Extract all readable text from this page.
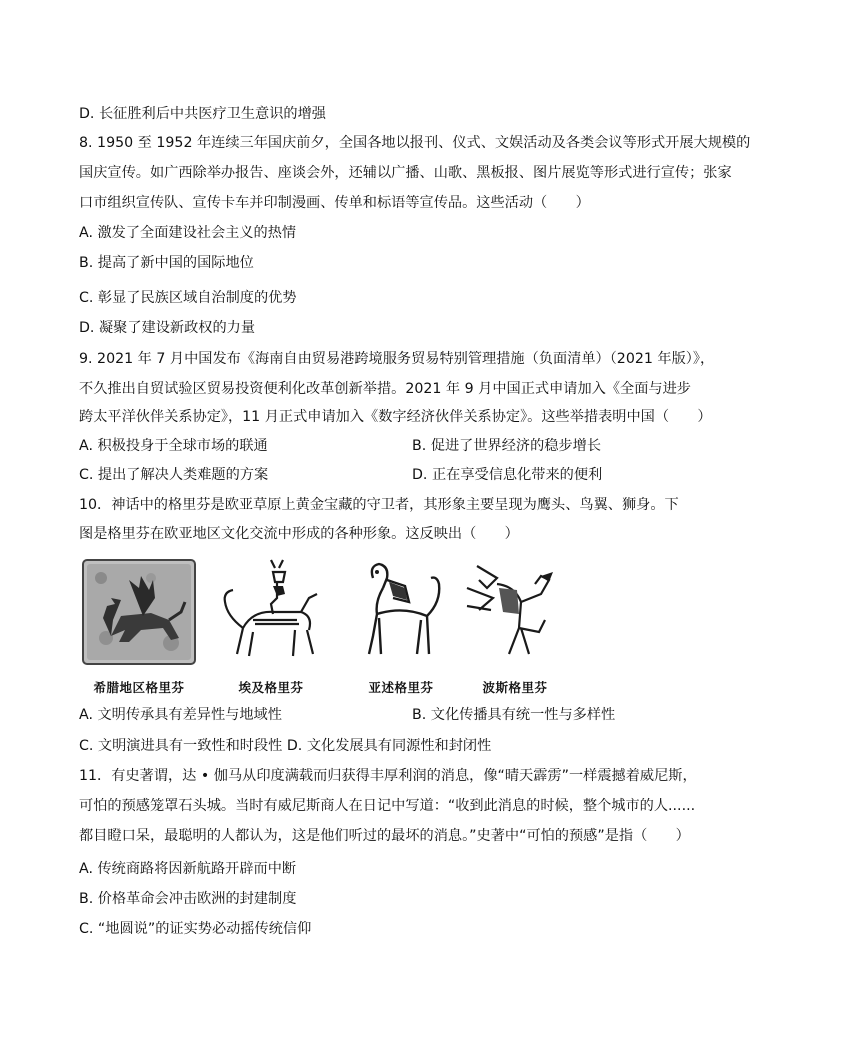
D. 长征胜利后中共医疗卫生意识的增强
8. 1950 至 1952 年连续三年国庆前夕，全国各地以报刊、仪式、文娱活动及各类会议等形式开展大规模的
国庆宣传。如广西除举办报告、座谈会外，还辅以广播、山歌、黑板报、图片展览等形式进行宣传；张家
口市组织宣传队、宣传卡车并印制漫画、传单和标语等宣传品。这些活动（　　）
A. 激发了全面建设社会主义的热情
B. 提高了新中国的国际地位
C. 彰显了民族区域自治制度的优势
D. 凝聚了建设新政权的力量
9. 2021 年 7 月中国发布《海南自由贸易港跨境服务贸易特别管理措施（负面清单）（2021 年版）》，
不久推出自贸试验区贸易投资便利化改革创新举措。2021 年 9 月中国正式申请加入《全面与进步
跨太平洋伙伴关系协定》，11 月正式申请加入《数字经济伙伴关系协定》。这些举措表明中国（　　）
A. 积极投身于全球市场的联通	B. 促进了世界经济的稳步增长
C. 提出了解决人类难题的方案	D. 正在享受信息化带来的便利
10．神话中的格里芬是欧亚草原上黄金宝藏的守卫者，其形象主要呈现为鹰头、鸟翼、狮身。下
图是格里芬在欧亚地区文化交流中形成的各种形象。这反映出（　　）
希腊地区格里芬	埃及格里芬	亚述格里芬	波斯格里芬
A. 文明传承具有差异性与地域性	B. 文化传播具有统一性与多样性
C. 文明演进具有一致性和时段性 D. 文化发展具有同源性和封闭性
11．有史著谓，达 • 伽马从印度满载而归获得丰厚利润的消息，像“晴天霹雳”一样震撼着威尼斯，
可怕的预感笼罩石头城。当时有威尼斯商人在日记中写道：“收到此消息的时候，整个城市的人......
都目瞪口呆，最聪明的人都认为，这是他们听过的最坏的消息。”史著中“可怕的预感”是指（　　）
A. 传统商路将因新航路开辟而中断
B. 价格革命会冲击欧洲的封建制度
C. “地圆说”的证实势必动摇传统信仰
